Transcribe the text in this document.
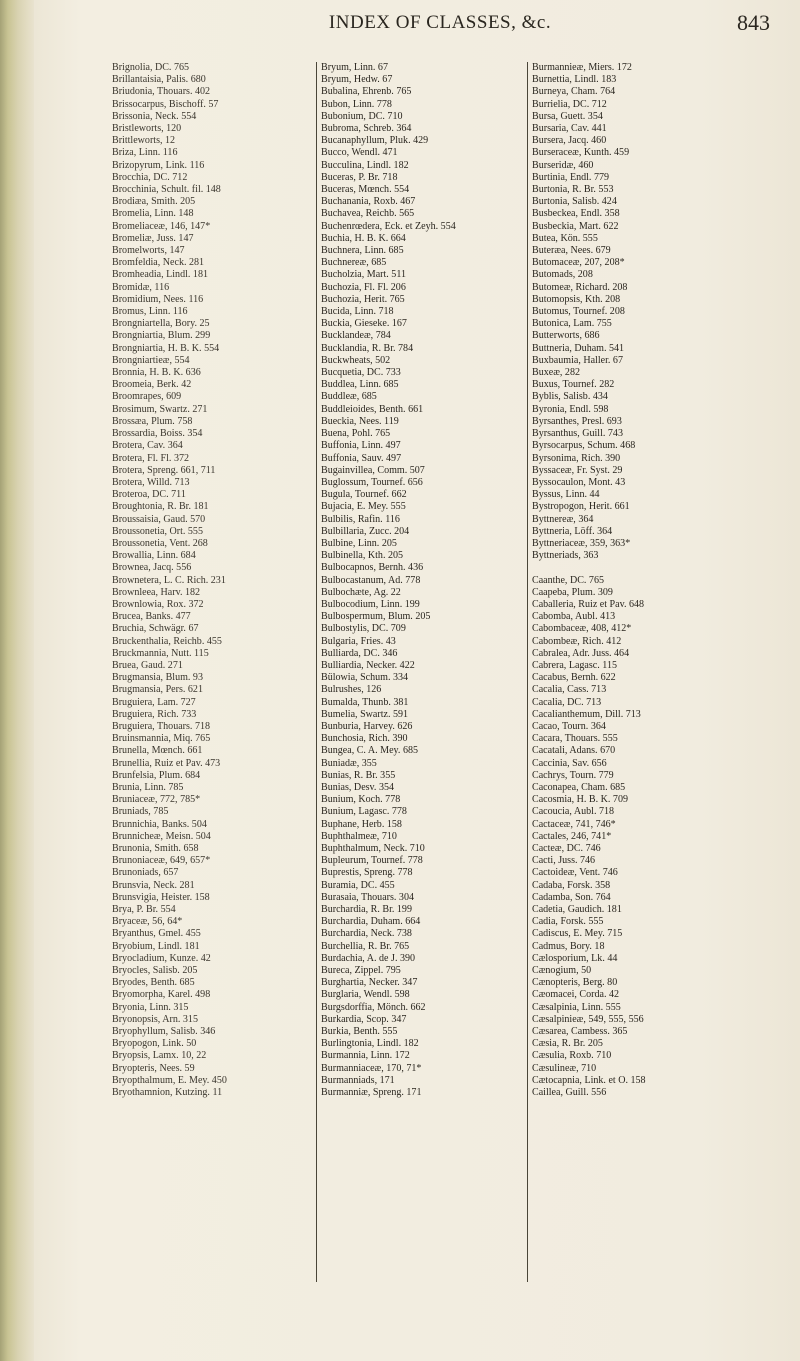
INDEX OF CLASSES, &c.	843
Brignolia, DC. 765
Brillantaisia, Palis. 680
Briudonia, Thouars. 402
Brissocarpus, Bischoff. 57
Brissonia, Neck. 554
Bristleworts, 120
Brittleworts, 12
Briza, Linn. 116
Brizopyrum, Link. 116
Brocchia, DC. 712
Brocchinia, Schult. fil. 148
Brodiæa, Smith. 205
Bromelia, Linn. 148
Bromeliaceæ, 146, 147*
Bromeliæ, Juss. 147
Bromelworts, 147
Bromfeldia, Neck. 281
Bromheadia, Lindl. 181
Bromidæ, 116
Bromidium, Nees. 116
Bromus, Linn. 116
Brongniartella, Bory. 25
Brongniartia, Blum. 299
Brongniartia, H. B. K. 554
Brongniartieæ, 554
Bronnia, H. B. K. 636
Broomeia, Berk. 42
Broomrapes, 609
Brosimum, Swartz. 271
Brossæa, Plum. 758
Brossardia, Boiss. 354
Brotera, Cav. 364
Brotera, Fl. Fl. 372
Brotera, Spreng. 661, 711
Brotera, Willd. 713
Broteroa, DC. 711
Broughtonia, R. Br. 181
Broussaisia, Gaud. 570
Broussonetia, Ort. 555
Broussonetia, Vent. 268
Browallia, Linn. 684
Brownea, Jacq. 556
Brownetera, L. C. Rich. 231
Brownleea, Harv. 182
Brownlowia, Rox. 372
Brucea, Banks. 477
Bruchia, Schwägr. 67
Bruckenthalia, Reichb. 455
Bruckmannia, Nutt. 115
Bruea, Gaud. 271
Brugmansia, Blum. 93
Brugmansia, Pers. 621
Bruguiera, Lam. 727
Bruguiera, Rich. 733
Bruguiera, Thouars. 718
Bruinsmannia, Miq. 765
Brunella, Mœnch. 661
Brunellia, Ruiz et Pav. 473
Brunfelsia, Plum. 684
Brunia, Linn. 785
Bruniaceæ, 772, 785*
Bruniads, 785
Brunnichia, Banks. 504
Brunnicheæ, Meisn. 504
Brunonia, Smith. 658
Brunoniaceæ, 649, 657*
Brunoniads, 657
Brunsvia, Neck. 281
Brunsvigia, Heister. 158
Brya, P. Br. 554
Bryaceæ, 56, 64*
Bryanthus, Gmel. 455
Bryobium, Lindl. 181
Bryocladium, Kunze. 42
Bryocles, Salisb. 205
Bryodes, Benth. 685
Bryomorpha, Karel. 498
Bryonia, Linn. 315
Bryonopsis, Arn. 315
Bryophyllum, Salisb. 346
Bryopogon, Link. 50
Bryopsis, Lamx. 10, 22
Bryopteris, Nees. 59
Bryopthalmum, E. Mey. 450
Bryothamnion, Kutzing. 11
Bryum, Linn. 67
Bryum, Hedw. 67
Bubalina, Ehrenb. 765
Bubon, Linn. 778
Bubonium, DC. 710
Bubroma, Schreb. 364
Bucanaphyllum, Pluk. 429
Bucco, Wendl. 471
Bucculina, Lindl. 182
Buceras, P. Br. 718
Buceras, Mœnch. 554
Buchanania, Roxb. 467
Buchavea, Reichb. 565
Buchenrœdera, Eck. et Zeyh. 554
Buchia, H. B. K. 664
Buchnera, Linn. 685
Buchnereæ, 685
Bucholzia, Mart. 511
Buchozia, Fl. Fl. 206
Buchozia, Herit. 765
Bucida, Linn. 718
Buckia, Gieseke. 167
Bucklandeæ, 784
Bucklandia, R. Br. 784
Buckwheats, 502
Bucquetia, DC. 733
Buddlea, Linn. 685
Buddleæ, 685
Buddleioides, Benth. 661
Bueckia, Nees. 119
Buena, Pohl. 765
Buffonia, Linn. 497
Buffonia, Sauv. 497
Bugainvillea, Comm. 507
Buglossum, Tournef. 656
Bugula, Tournef. 662
Bujacia, E. Mey. 555
Bulbilis, Rafin. 116
Bulbillaria, Zucc. 204
Bulbine, Linn. 205
Bulbinella, Kth. 205
Bulbocapnos, Bernh. 436
Bulbocastanum, Ad. 778
Bulbochæte, Ag. 22
Bulbocodium, Linn. 199
Bulbospermum, Blum. 205
Bulbostylis, DC. 709
Bulgaria, Fries. 43
Bulliarda, DC. 346
Bulliardia, Necker. 422
Bülowia, Schum. 334
Bulrushes, 126
Bumalda, Thunb. 381
Bumelia, Swartz. 591
Bunburia, Harvey. 626
Bunchosia, Rich. 390
Bungea, C. A. Mey. 685
Buniadæ, 355
Bunias, R. Br. 355
Bunias, Desv. 354
Bunium, Koch. 778
Bunium, Lagasc. 778
Buphane, Herb. 158
Buphthalmeæ, 710
Buphthalmum, Neck. 710
Bupleurum, Tournef. 778
Buprestis, Spreng. 778
Buramia, DC. 455
Burasaia, Thouars. 304
Burchardia, R. Br. 199
Burchardia, Duham. 664
Burchardia, Neck. 738
Burchellia, R. Br. 765
Burdachia, A. de J. 390
Bureca, Zippel. 795
Burghartia, Necker. 347
Burglaria, Wendl. 598
Burgsdorffia, Mönch. 662
Burkardia, Scop. 347
Burkia, Benth. 555
Burlingtonia, Lindl. 182
Burmannia, Linn. 172
Burmanniaceæ, 170, 71*
Burmanniads, 171
Burmanniæ, Spreng. 171
Burmannieæ, Miers. 172
Burnettia, Lindl. 183
Burneya, Cham. 764
Burrielia, DC. 712
Bursa, Guett. 354
Bursaria, Cav. 441
Bursera, Jacq. 460
Burseraceæ, Kunth. 459
Burseridæ, 460
Burtinia, Endl. 779
Burtonia, R. Br. 553
Burtonia, Salisb. 424
Busbeckea, Endl. 358
Busbeckia, Mart. 622
Butea, Kön. 555
Buteræa, Nees. 679
Butomaceæ, 207, 208*
Butomads, 208
Butomeæ, Richard. 208
Butomopsis, Kth. 208
Butomus, Tournef. 208
Butonica, Lam. 755
Butterworts, 686
Buttneria, Duham. 541
Buxbaumia, Haller. 67
Buxeæ, 282
Buxus, Tournef. 282
Byblis, Salisb. 434
Byronia, Endl. 598
Byrsanthes, Presl. 693
Byrsanthus, Guill. 743
Byrsocarpus, Schum. 468
Byrsonima, Rich. 390
Byssaceæ, Fr. Syst. 29
Byssocaulon, Mont. 43
Byssus, Linn. 44
Bystropogon, Herit. 661
Byttnereæ, 364
Byttneria, Löff. 364
Byttneriaceæ, 359, 363*
Byttneriads, 363

Caanthe, DC. 765
Caapeba, Plum. 309
Caballeria, Ruiz et Pav. 648
Cabomba, Aubl. 413
Cabombaceæ, 408, 412*
Cabombeæ, Rich. 412
Cabralea, Adr. Juss. 464
Cabrera, Lagasc. 115
Cacabus, Bernh. 622
Cacalia, Cass. 713
Cacalia, DC. 713
Cacalianthemum, Dill. 713
Cacao, Tourn. 364
Cacara, Thouars. 555
Cacatali, Adans. 670
Caccinia, Sav. 656
Cachrys, Tourn. 779
Caconapea, Cham. 685
Cacosmia, H. B. K. 709
Cacoucia, Aubl. 718
Cactaceæ, 741, 746*
Cactales, 246, 741*
Cacteæ, DC. 746
Cacti, Juss. 746
Cactoideæ, Vent. 746
Cadaba, Forsk. 358
Cadamba, Son. 764
Cadetia, Gaudich. 181
Cadia, Forsk. 555
Cadiscus, E. Mey. 715
Cadmus, Bory. 18
Cælosporium, Lk. 44
Cænogium, 50
Cænopteris, Berg. 80
Cæomacei, Corda. 42
Cæsalpinia, Linn. 555
Cæsalpinieæ, 549, 555, 556
Cæsarea, Cambess. 365
Cæsia, R. Br. 205
Cæsulia, Roxb. 710
Cæsulineæ, 710
Cætocapnia, Link. et O. 158
Caillea, Guill. 556
